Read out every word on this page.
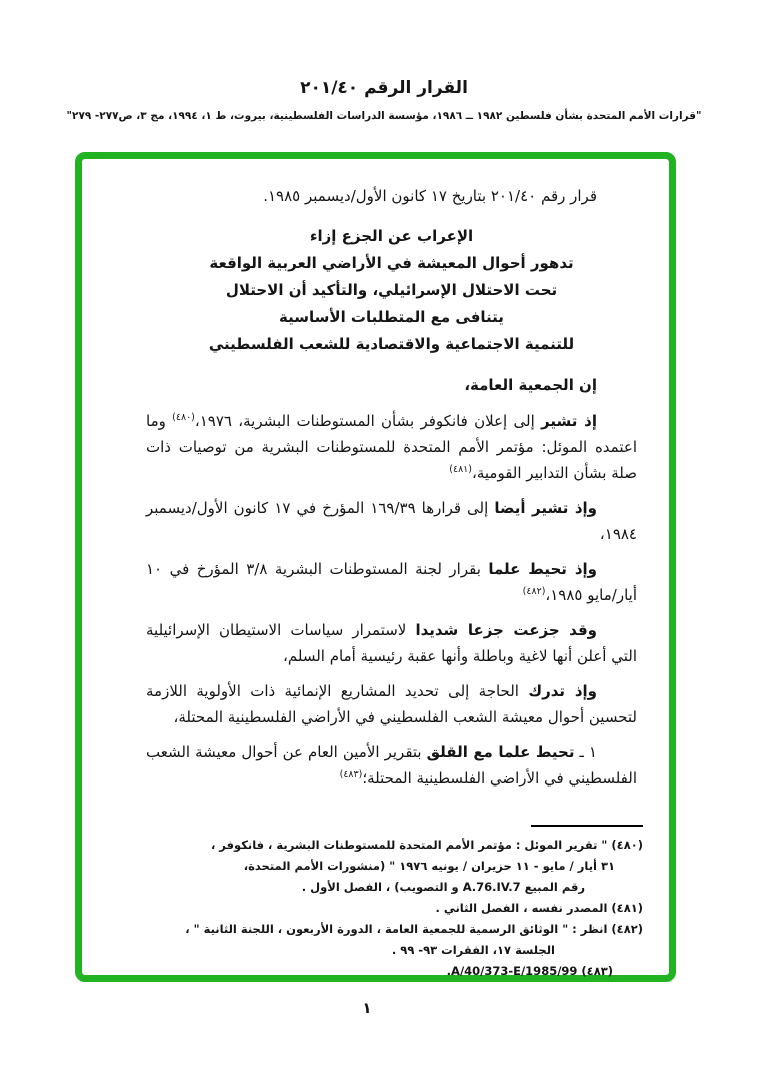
القرار الرقم ٢٠١/٤٠
"قرارات الأمم المتحدة بشأن فلسطين ١٩٨٢ ــ ١٩٨٦، مؤسسة الدراسات الفلسطينية، بيروت، ط ١، ١٩٩٤، مج ٣، ص٢٧٧- ٢٧٩"

قرار رقم ٢٠١/٤٠ بتاريخ ١٧ كانون الأول/ديسمبر ١٩٨٥.

الإعراب عن الجزع إزاء
تدهور أحوال المعيشة في الأراضي العربية الواقعة
تحت الاحتلال الإسرائيلي، والتأكيد أن الاحتلال
يتنافى مع المتطلبات الأساسية
للتنمية الاجتماعية والاقتصادية للشعب الفلسطيني

إن الجمعية العامة،

إذ تشير إلى إعلان فانكوفر بشأن المستوطنات البشرية، ١٩٧٦،$^{(٤٨٠)}$ وما اعتمده الموئل: مؤتمر الأمم المتحدة للمستوطنات البشرية من توصيات ذات صلة بشأن التدابير القومية،$^{(٤٨١)}$

وإذ تشير أيضا إلى قرارها ١٦٩/٣٩ المؤرخ في ١٧ كانون الأول/ديسمبر ١٩٨٤،

وإذ تحيط علما بقرار لجنة المستوطنات البشرية ٣/٨ المؤرخ في ١٠ أيار/مايو ١٩٨٥،$^{(٤٨٢)}$

وقد جزعت جزعا شديدا لاستمرار سياسات الاستيطان الإسرائيلية التي أعلن أنها لاغية وباطلة وأنها عقبة رئيسية أمام السلم،

وإذ تدرك الحاجة إلى تحديد المشاريع الإنمائية ذات الأولوية اللازمة لتحسين أحوال معيشة الشعب الفلسطيني في الأراضي الفلسطينية المحتلة،

١ ـ تحيط علما مع القلق بتقرير الأمين العام عن أحوال معيشة الشعب الفلسطيني في الأراضي الفلسطينية المحتلة؛$^{(٤٨٣)}$

(٤٨٠) " تقرير الموئل : مؤتمر الأمم المتحدة للمستوطنات البشرية ، فانكوفر ،
٣١ أيار / مايو - ١١ حزيران / يونيه ١٩٧٦ " (منشورات الأمم المتحدة،
رقم المبيع A.76.IV.7 و التصويب) ، الفصل الأول .
(٤٨١) المصدر نفسه ، الفصل الثاني .
(٤٨٢) انظر : " الوثائق الرسمية للجمعية العامة ، الدورة الأربعون ، اللجنة الثانية " ،
الجلسة ١٧، الفقرات ٩٣- ٩٩ .
(٤٨٣) A/40/373-E/1985/99.
١
